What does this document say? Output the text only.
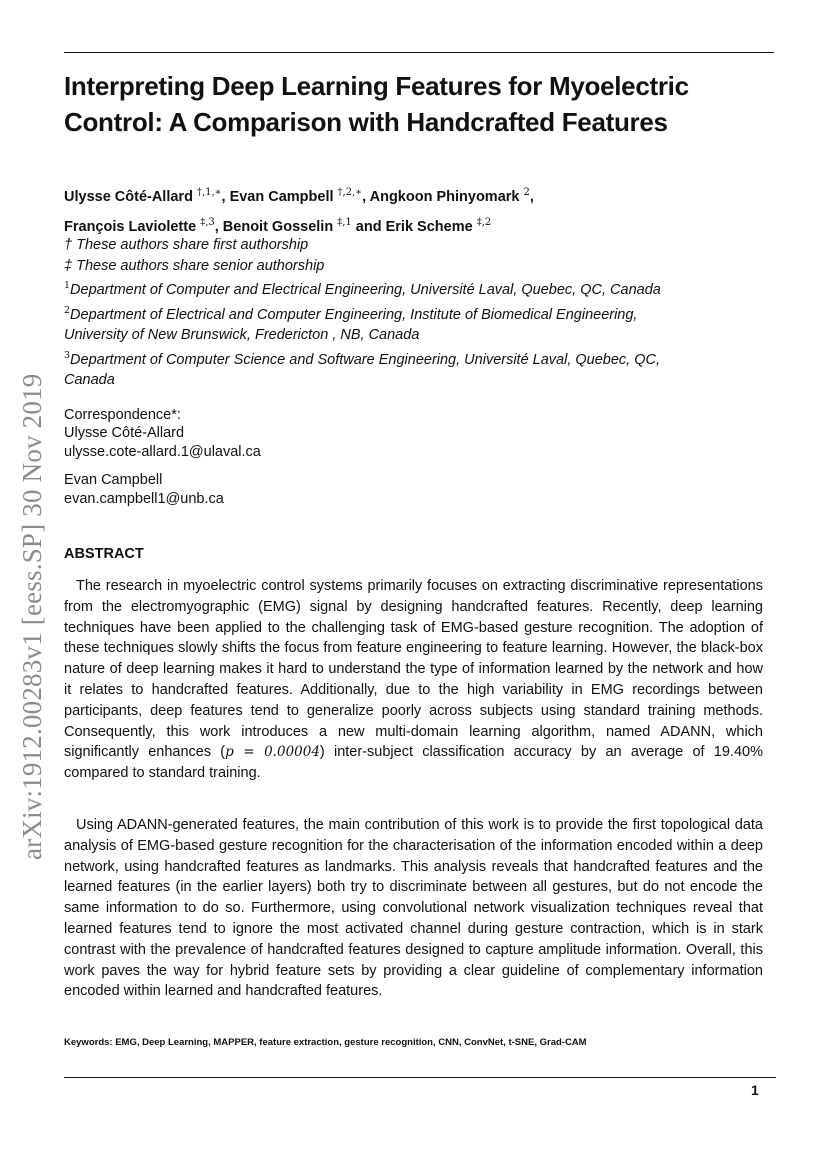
arXiv:1912.00283v1 [eess.SP] 30 Nov 2019
Interpreting Deep Learning Features for Myoelectric Control: A Comparison with Handcrafted Features
Ulysse Côté-Allard $^{\dagger,1,∗}$, Evan Campbell $^{\dagger,2,∗}$, Angkoon Phinyomark $^2$,
François Laviolette $^{\ddagger,3}$, Benoit Gosselin $^{\ddagger,1}$ and Erik Scheme $^{\ddagger,2}$
† These authors share first authorship
‡ These authors share senior authorship
$^1$Department of Computer and Electrical Engineering, Université Laval, Quebec, QC, Canada
$^2$Department of Electrical and Computer Engineering, Institute of Biomedical Engineering, University of New Brunswick, Fredericton , NB, Canada
$^3$Department of Computer Science and Software Engineering, Université Laval, Quebec, QC, Canada
Correspondence*:
Ulysse Côté-Allard
ulysse.cote-allard.1@ulaval.ca
Evan Campbell
evan.campbell1@unb.ca
ABSTRACT
The research in myoelectric control systems primarily focuses on extracting discriminative representations from the electromyographic (EMG) signal by designing handcrafted features. Recently, deep learning techniques have been applied to the challenging task of EMG-based gesture recognition. The adoption of these techniques slowly shifts the focus from feature engineering to feature learning. However, the black-box nature of deep learning makes it hard to understand the type of information learned by the network and how it relates to handcrafted features. Additionally, due to the high variability in EMG recordings between participants, deep features tend to generalize poorly across subjects using standard training methods. Consequently, this work introduces a new multi-domain learning algorithm, named ADANN, which significantly enhances (p = 0.00004) inter-subject classification accuracy by an average of 19.40% compared to standard training.
Using ADANN-generated features, the main contribution of this work is to provide the first topological data analysis of EMG-based gesture recognition for the characterisation of the information encoded within a deep network, using handcrafted features as landmarks. This analysis reveals that handcrafted features and the learned features (in the earlier layers) both try to discriminate between all gestures, but do not encode the same information to do so. Furthermore, using convolutional network visualization techniques reveal that learned features tend to ignore the most activated channel during gesture contraction, which is in stark contrast with the prevalence of handcrafted features designed to capture amplitude information. Overall, this work paves the way for hybrid feature sets by providing a clear guideline of complementary information encoded within learned and handcrafted features.
Keywords: EMG, Deep Learning, MAPPER, feature extraction, gesture recognition, CNN, ConvNet, t-SNE, Grad-CAM
1
